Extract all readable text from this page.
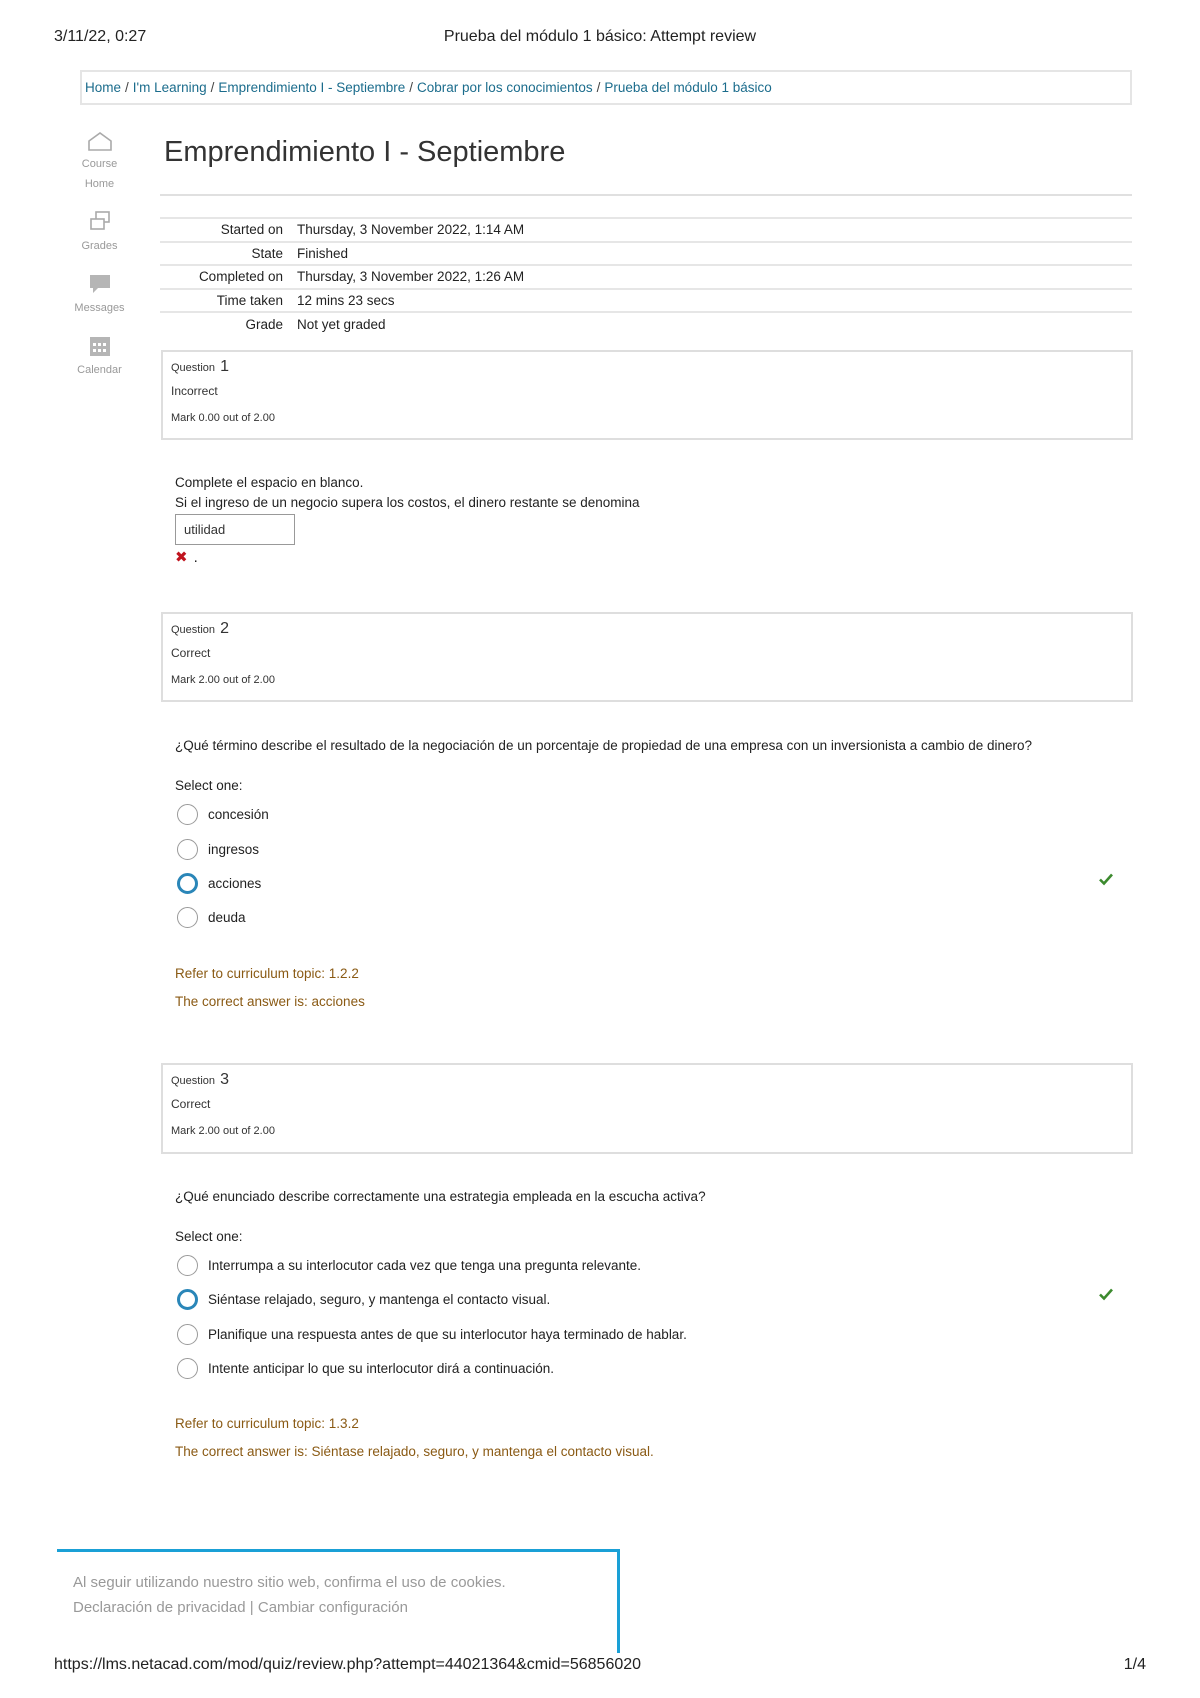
3/11/22, 0:27	Prueba del módulo 1 básico: Attempt review
Home / I'm Learning / Emprendimiento I - Septiembre / Cobrar por los conocimientos / Prueba del módulo 1 básico
Course
Home
Grades
Messages
Calendar
Emprendimiento I - Septiembre
Started on	Thursday, 3 November 2022, 1:14 AM
State	Finished
Completed on	Thursday, 3 November 2022, 1:26 AM
Time taken	12 mins 23 secs
Grade	Not yet graded
Question 1
Incorrect
Mark 0.00 out of 2.00
Complete el espacio en blanco.
Si el ingreso de un negocio supera los costos, el dinero restante se denomina
utilidad
✖ .
Question 2
Correct
Mark 2.00 out of 2.00
¿Qué término describe el resultado de la negociación de un porcentaje de propiedad de una empresa con un inversionista a cambio de dinero?
Select one:
concesión
ingresos
acciones
deuda
Refer to curriculum topic: 1.2.2
The correct answer is: acciones
Question 3
Correct
Mark 2.00 out of 2.00
¿Qué enunciado describe correctamente una estrategia empleada en la escucha activa?
Select one:
Interrumpa a su interlocutor cada vez que tenga una pregunta relevante.
Siéntase relajado, seguro, y mantenga el contacto visual.
Planifique una respuesta antes de que su interlocutor haya terminado de hablar.
Intente anticipar lo que su interlocutor dirá a continuación.
Refer to curriculum topic: 1.3.2
The correct answer is: Siéntase relajado, seguro, y mantenga el contacto visual.
Al seguir utilizando nuestro sitio web, confirma el uso de cookies.
Declaración de privacidad | Cambiar configuración
https://lms.netacad.com/mod/quiz/review.php?attempt=44021364&cmid=56856020	1/4
